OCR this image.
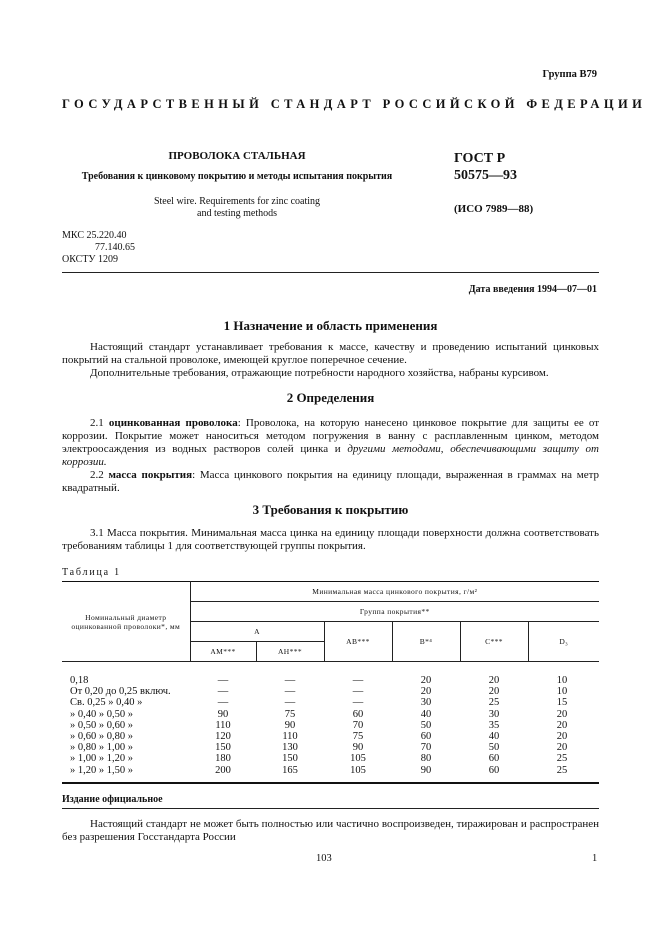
Группа В79
ГОСУДАРСТВЕННЫЙ СТАНДАРТ РОССИЙСКОЙ ФЕДЕРАЦИИ
ПРОВОЛОКА СТАЛЬНАЯ
Требования к цинковому покрытию и методы испытания покрытия
Steel wire. Requirements for zinc coating
and testing methods
ГОСТ Р
50575—93
(ИСО 7989—88)
МКС 25.220.40
77.140.65
ОКСТУ 1209
Дата введения 1994—07—01
1 Назначение и область применения

Настоящий стандарт устанавливает требования к массе, качеству и проведению испытаний цинковых покрытий на стальной проволоке, имеющей круглое поперечное сечение.

Дополнительные требования, отражающие потребности народного хозяйства, набраны курсивом.

2 Определения

2.1 оцинкованная проволока: Проволока, на которую нанесено цинковое покрытие для защиты ее от коррозии. Покрытие может наноситься методом погружения в ванну с расплавленным цинком, методом электроосаждения из водных растворов солей цинка и другими методами, обеспечивающими защиту от коррозии.

2.2 масса покрытия: Масса цинкового покрытия на единицу площади, выраженная в граммах на метр квадратный.

3 Требования к покрытию

3.1 Масса покрытия. Минимальная масса цинка на единицу площади поверхности должна соответствовать требованиям таблицы 1 для соответствующей группы покрытия.

Таблица 1
Номинальный диаметр оцинкованной проволоки*, мм	Минимальная масса цинкового покрытия, г/м²					
	Группа покрытия**					
	А		АВ***	В*⁴	С***	D₃
	АМ***	АН***				
0,18	—	—	—	20	20	10
От 0,20 до 0,25 включ.	—	—	—	20	20	10
Св. 0,25 » 0,40 »	—	—	—	30	25	15
» 0,40 » 0,50 »	90	75	60	40	30	20
» 0,50 » 0,60 »	110	90	70	50	35	20
» 0,60 » 0,80 »	120	110	75	60	40	20
» 0,80 » 1,00 »	150	130	90	70	50	20
» 1,00 » 1,20 »	180	150	105	80	60	25
» 1,20 » 1,50 »	200	165	105	90	60	25
Издание официальное

Настоящий стандарт не может быть полностью или частично воспроизведен, тиражирован и распространен без разрешения Госстандарта России

103	1
